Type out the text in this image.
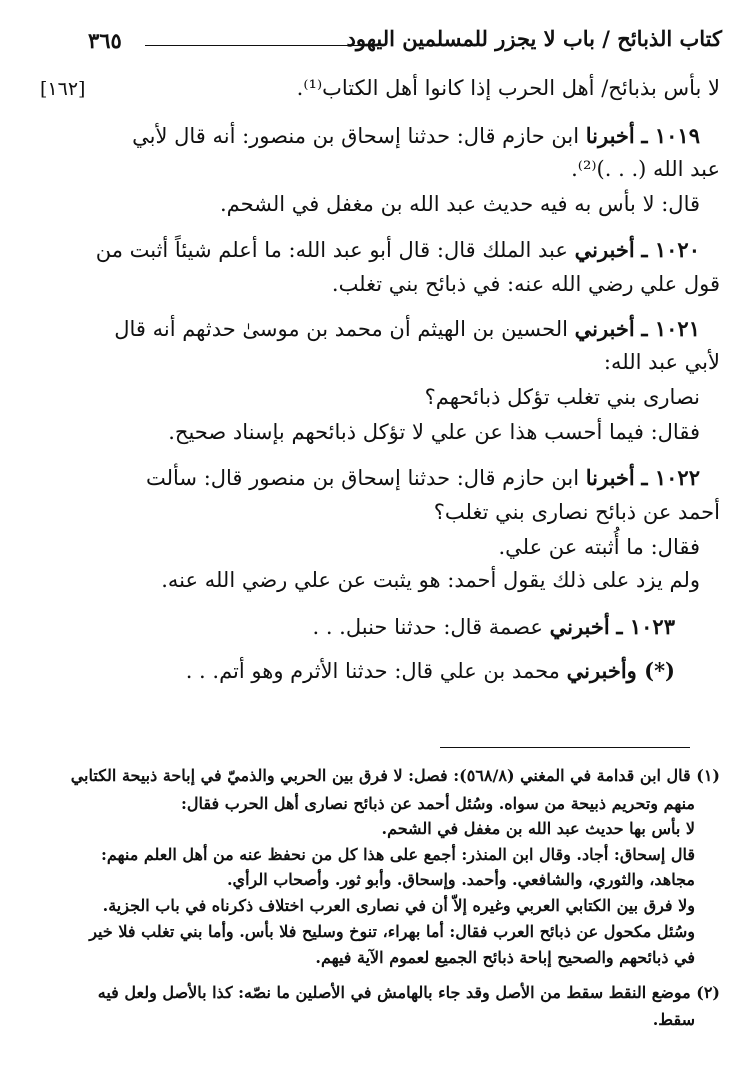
كتاب الذبائح / باب لا يجزر للمسلمين اليهود
٣٦٥
[١٦٢]	لا بأس بذبائح/ أهل الحرب إذا كانوا أهل الكتاب⁽¹⁾.
١٠١٩ ـ أخبرنا ابن حازم قال: حدثنا إسحاق بن منصور: أنه قال لأبي
عبد الله (. . .)⁽²⁾.
قال: لا بأس به فيه حديث عبد الله بن مغفل في الشحم.
١٠٢٠ ـ أخبرني عبد الملك قال: قال أبو عبد الله: ما أعلم شيئاً أثبت من
قول علي رضي الله عنه: في ذبائح بني تغلب.
١٠٢١ ـ أخبرني الحسين بن الهيثم أن محمد بن موسىٰ حدثهم أنه قال
لأبي عبد الله:
نصارى بني تغلب تؤكل ذبائحهم؟
فقال: فيما أحسب هذا عن علي لا تؤكل ذبائحهم بإسناد صحيح.
١٠٢٢ ـ أخبرنا ابن حازم قال: حدثنا إسحاق بن منصور قال: سألت
أحمد عن ذبائح نصارى بني تغلب؟
فقال: ما أُثبته عن علي.
ولم يزد على ذلك يقول أحمد: هو يثبت عن علي رضي الله عنه.
١٠٢٣ ـ أخبرني عصمة قال: حدثنا حنبل. . .
(*) وأخبرني محمد بن علي قال: حدثنا الأثرم وهو أتم. . .
(١) قال ابن قدامة في المغني (٥٦٨/٨): فصل: لا فرق بين الحربي والذميّ في إباحة ذبيحة الكتابي
منهم وتحريم ذبيحة من سواه. وسُئل أحمد عن ذبائح نصارى أهل الحرب فقال:
لا بأس بها حديث عبد الله بن مغفل في الشحم.
قال إسحاق: أجاد. وقال ابن المنذر: أجمع على هذا كل من نحفظ عنه من أهل العلم منهم:
مجاهد، والثوري، والشافعي. وأحمد. وإسحاق. وأبو ثور. وأصحاب الرأي.
ولا فرق بين الكتابي العربي وغيره إلاّ أن في نصارى العرب اختلاف ذكرناه في باب الجزية.
وسُئل مكحول عن ذبائح العرب فقال: أما بهراء، تنوخ وسليح فلا بأس. وأما بني تغلب فلا خير
في ذبائحهم والصحيح إباحة ذبائح الجميع لعموم الآية فيهم.
(٢) موضع النقط سقط من الأصل وقد جاء بالهامش في الأصلين ما نصّه: كذا بالأصل ولعل فيه
سقط.
